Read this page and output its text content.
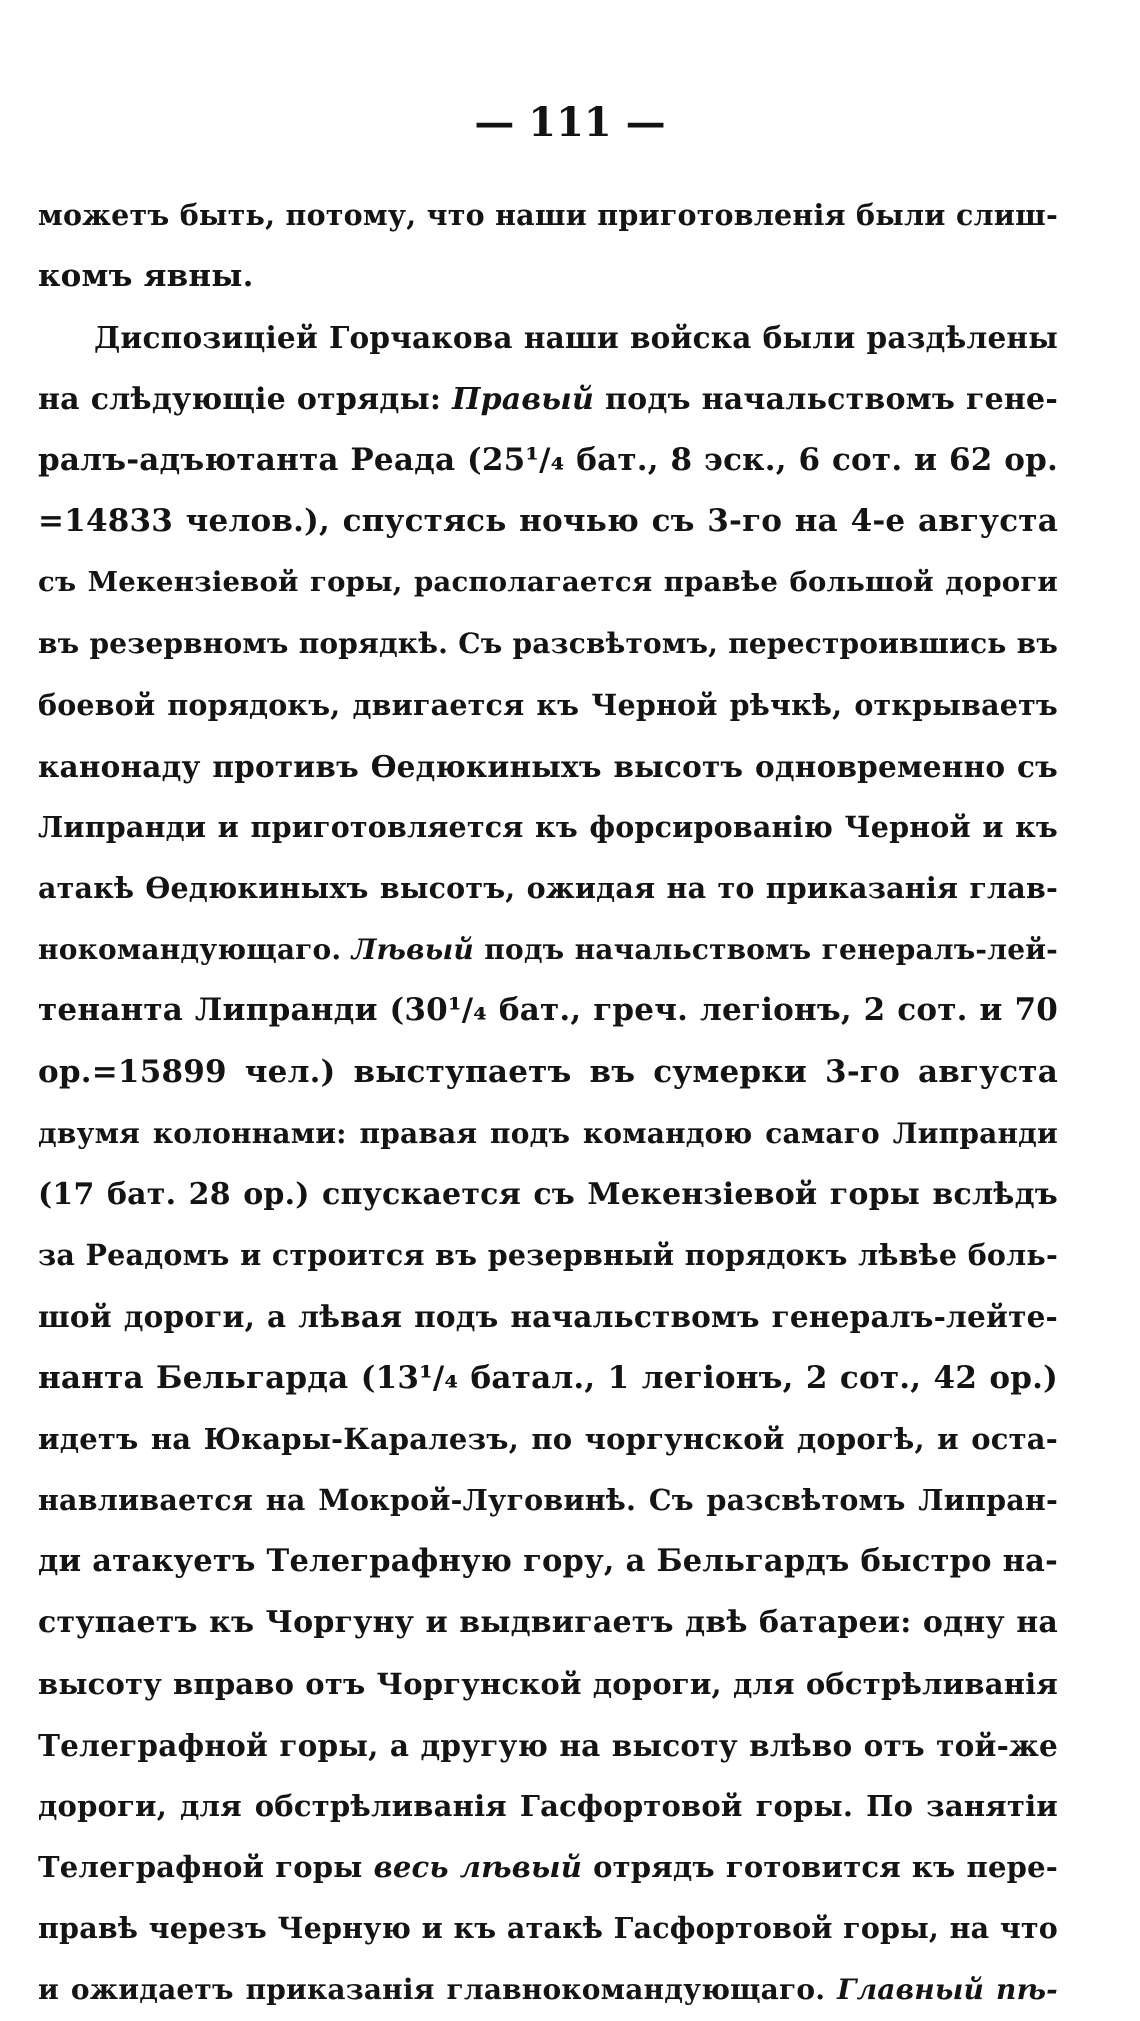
— 111 —
можетъ быть, потому, что наши приготовленія были слиш-
комъ явны.
Диспозиціей Горчакова наши войска были раздѣлены
на слѣдующіе отряды: Правый подъ начальствомъ гене-
ралъ-адъютанта Реада (25¹/₄ бат., 8 эск., 6 сот. и 62 ор.
=14833 челов.), спустясь ночью съ 3-го на 4-е августа
съ Мекензіевой горы, располагается правѣе большой дороги
въ резервномъ порядкѣ. Съ разсвѣтомъ, перестроившись въ
боевой порядокъ, двигается къ Черной рѣчкѣ, открываетъ
канонаду противъ Ѳедюкиныхъ высотъ одновременно съ
Липранди и приготовляется къ форсированію Черной и къ
атакѣ Ѳедюкиныхъ высотъ, ожидая на то приказанія глав-
нокомандующаго. Лѣвый подъ начальствомъ генералъ-лей-
тенанта Липранди (30¹/₄ бат., греч. легіонъ, 2 сот. и 70
ор.=15899 чел.) выступаетъ въ сумерки 3-го августа
двумя колоннами: правая подъ командою самаго Липранди
(17 бат. 28 ор.) спускается съ Мекензіевой горы вслѣдъ
за Реадомъ и строится въ резервный порядокъ лѣвѣе боль-
шой дороги, а лѣвая подъ начальствомъ генералъ-лейте-
нанта Бельгарда (13¹/₄ батал., 1 легіонъ, 2 сот., 42 ор.)
идетъ на Юкары-Каралезъ, по чоргунской дорогѣ, и оста-
навливается на Мокрой-Луговинѣ. Съ разсвѣтомъ Липран-
ди атакуетъ Телеграфную гору, а Бельгардъ быстро на-
ступаетъ къ Чоргуну и выдвигаетъ двѣ батареи: одну на
высоту вправо отъ Чоргунской дороги, для обстрѣливанія
Телеграфной горы, а другую на высоту влѣво отъ той-же
дороги, для обстрѣливанія Гасфортовой горы. По занятіи
Телеграфной горы весь лѣвый отрядъ готовится къ пере-
правѣ черезъ Черную и къ атакѣ Гасфортовой горы, на что
и ожидаетъ приказанія главнокомандующаго. Главный пѣ-
